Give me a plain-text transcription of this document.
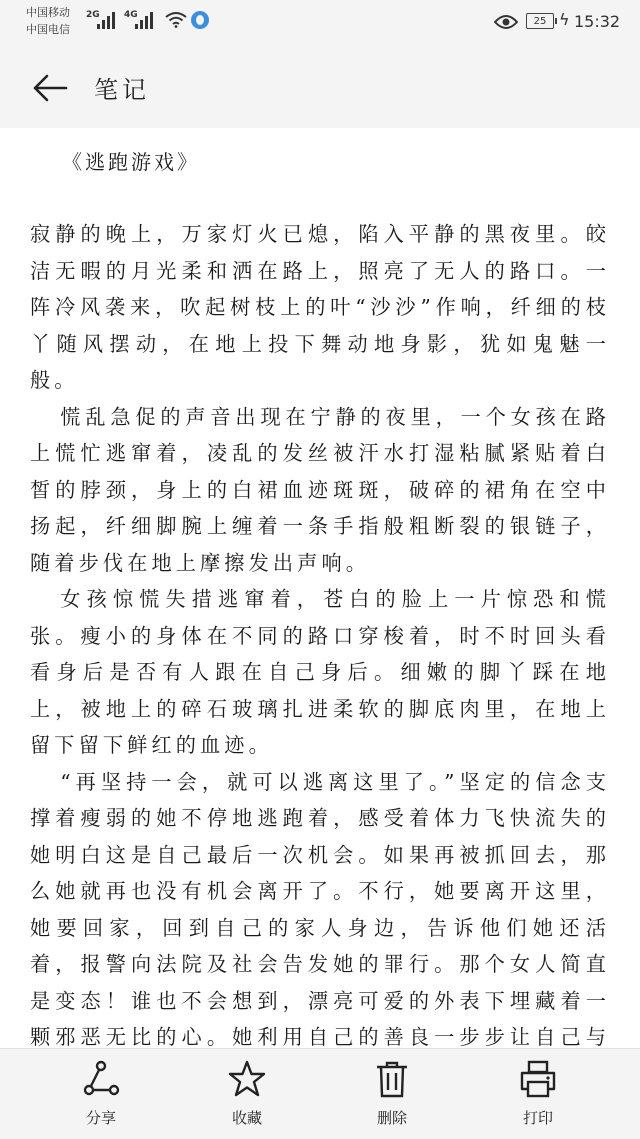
中国移动
中国电信
2G	4G
25 ϟ 15:32
笔记
《逃跑游戏》

寂静的晚上，万家灯火已熄，陷入平静的黑夜里。皎洁无暇的月光柔和洒在路上，照亮了无人的路口。一阵冷风袭来，吹起树枝上的叶“沙沙”作响，纤细的枝丫随风摆动，在地上投下舞动地身影，犹如鬼魅一般。

慌乱急促的声音出现在宁静的夜里，一个女孩在路上慌忙逃窜着，凌乱的发丝被汗水打湿粘腻紧贴着白皙的脖颈，身上的白裙血迹斑斑，破碎的裙角在空中扬起，纤细脚腕上缠着一条手指般粗断裂的银链子，随着步伐在地上摩擦发出声响。

女孩惊慌失措逃窜着，苍白的脸上一片惊恐和慌张。瘦小的身体在不同的路口穿梭着，时不时回头看看身后是否有人跟在自己身后。细嫩的脚丫踩在地上，被地上的碎石玻璃扎进柔软的脚底肉里，在地上留下留下鲜红的血迹。

“再坚持一会，就可以逃离这里了。”坚定的信念支撑着瘦弱的她不停地逃跑着，感受着体力飞快流失的她明白这是自己最后一次机会。如果再被抓回去，那么她就再也没有机会离开了。不行，她要离开这里，她要回家，回到自己的家人身边，告诉他们她还活着，报警向法院及社会告发她的罪行。那个女人简直是变态！谁也不会想到，漂亮可爱的外表下埋藏着一颗邪恶无比的心。她利用自己的善良一步步让自己与

分享	收藏	删除	打印
